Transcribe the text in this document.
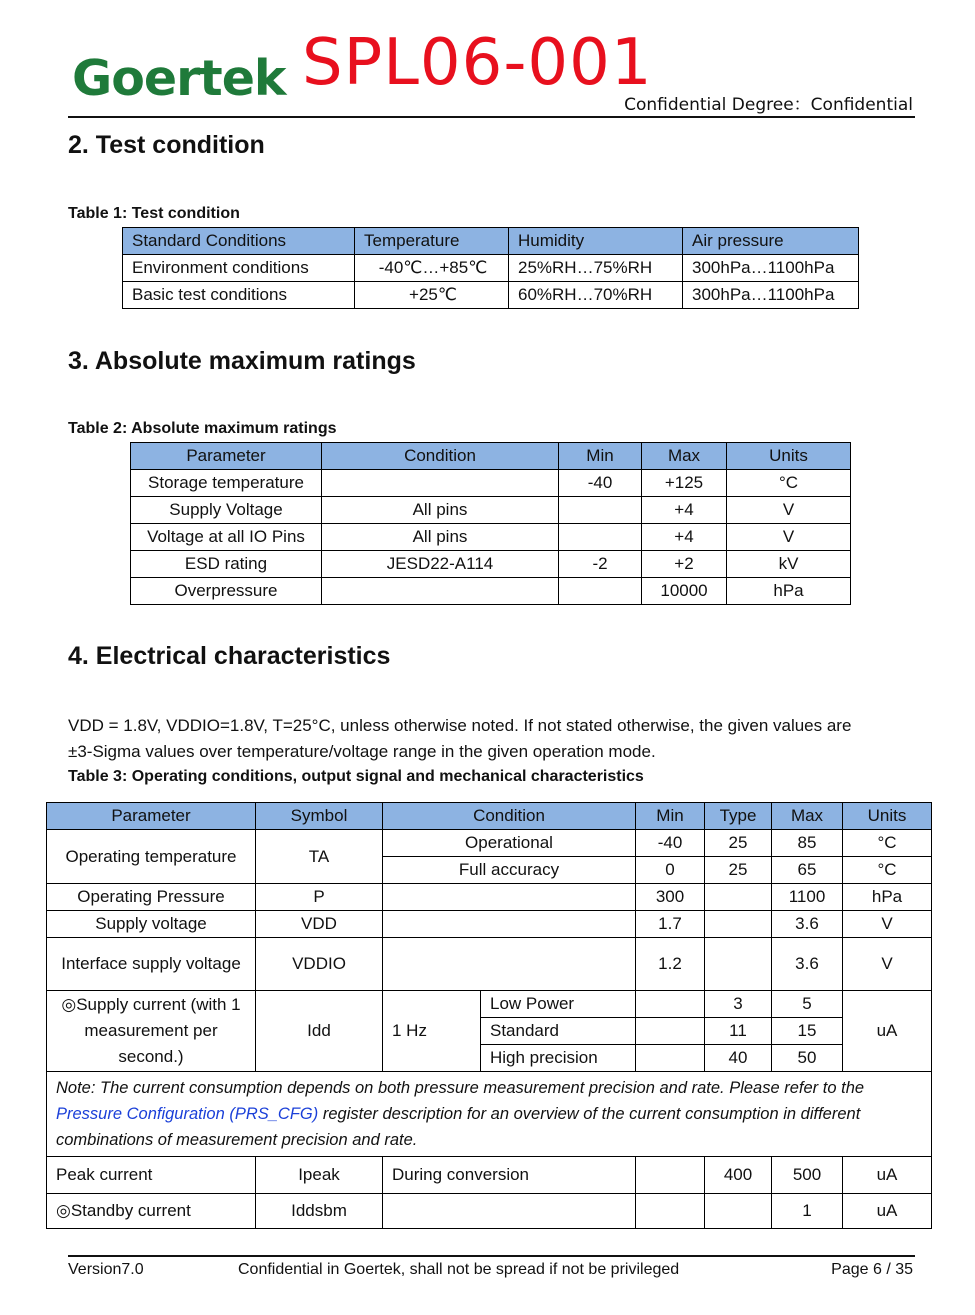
Goertek SPL06-001
Confidential Degree：Confidential
2. Test condition
Table 1: Test condition
Standard Conditions	Temperature	Humidity	Air pressure
Environment conditions	-40℃…+85℃	25%RH…75%RH	300hPa…1100hPa
Basic test conditions	+25℃	60%RH…70%RH	300hPa…1100hPa
3. Absolute maximum ratings
Table 2: Absolute maximum ratings
Parameter	Condition	Min	Max	Units
Storage temperature		-40	+125	°C
Supply Voltage	All pins		+4	V
Voltage at all IO Pins	All pins		+4	V
ESD rating	JESD22-A114	-2	+2	kV
Overpressure			10000	hPa
4. Electrical characteristics
VDD = 1.8V, VDDIO=1.8V, T=25°C, unless otherwise noted. If not stated otherwise, the given values are
±3-Sigma values over temperature/voltage range in the given operation mode.
Table 3: Operating conditions, output signal and mechanical characteristics
Parameter	Symbol	Condition		Min	Type	Max	Units
Operating temperature	TA	Operational		-40	25	85	°C
		Full accuracy		0	25	65	°C
Operating Pressure	P			300		1100	hPa
Supply voltage	VDD			1.7		3.6	V
Interface supply voltage	VDDIO			1.2		3.6	V
◎Supply current (with 1 measurement per second.)	Idd	1 Hz	Low Power		3	5	uA
			Standard		11	15	
			High precision		40	50	
Note: The current consumption depends on both pressure measurement precision and rate. Please refer to the Pressure Configuration (PRS_CFG) register description for an overview of the current consumption in different combinations of measurement precision and rate.							
Peak current	Ipeak	During conversion			400	500	uA
◎Standby current	Iddsbm					1	uA
Version7.0	Confidential in Goertek, shall not be spread if not be privileged	Page 6 / 35
